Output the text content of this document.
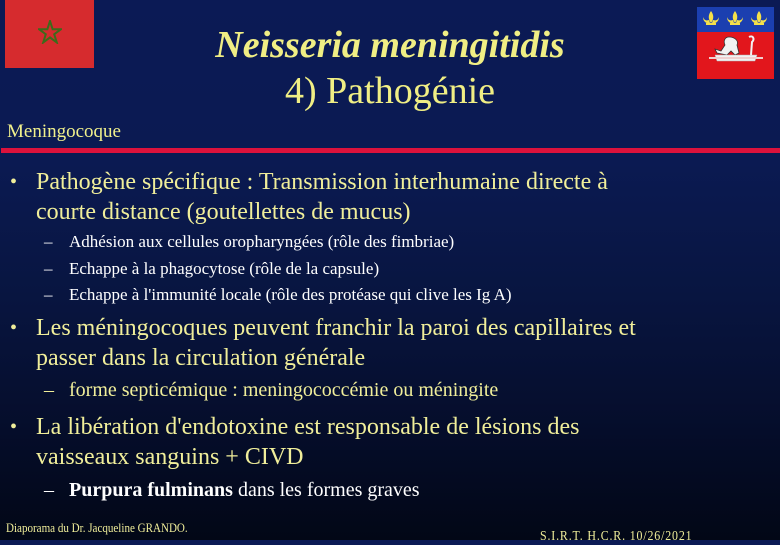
Meningocoque
Neisseria meningitidis
4) Pathogénie
• Pathogène spécifique : Transmission interhumaine directe à
courte distance (goutellettes de mucus)
– Adhésion aux cellules oropharyngées (rôle des fimbriae)
– Echappe à la phagocytose (rôle de la capsule)
– Echappe à l'immunité locale (rôle des protéase qui clive les Ig A)
• Les méningocoques peuvent franchir la paroi des capillaires et
passer dans la circulation générale
– forme septicémique : meningococcémie ou méningite
• La libération d'endotoxine est responsable de lésions des
vaisseaux sanguins + CIVD
– Purpura fulminans dans les formes graves
Diaporama du Dr. Jacqueline GRANDO.
S.I.R.T. H.C.R. 10/26/2021
